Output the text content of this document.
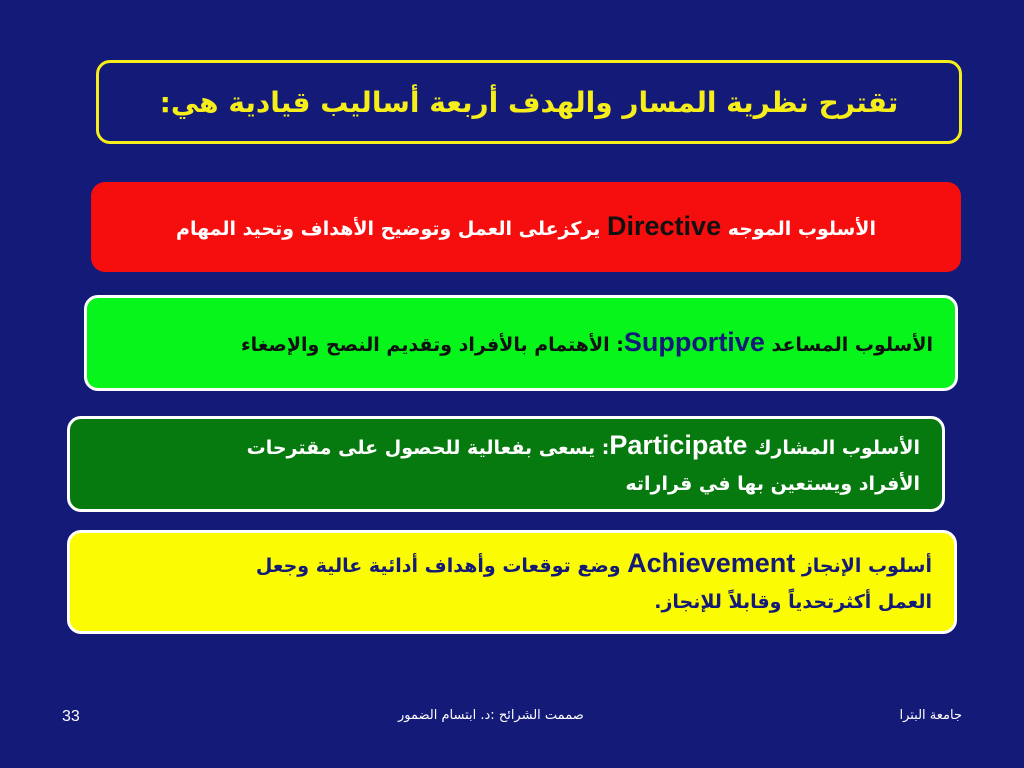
تقترح نظرية المسار والهدف أربعة أساليب قيادية هي:
الأسلوب الموجه Directive يركزعلى العمل وتوضيح الأهداف وتحيد المهام
الأسلوب المساعد Supportive: الأهتمام بالأفراد وتقديم النصح والإصغاء
الأسلوب المشارك Participate: يسعى بفعالية للحصول على مقترحات
الأفراد ويستعين بها في قراراته
أسلوب الإنجاز Achievement وضع توقعات وأهداف أدائية عالية وجعل
العمل أكثرتحدياً وقابلاً للإنجاز.
جامعة البترا
صممت الشرائح :د. ابتسام الضمور
33
